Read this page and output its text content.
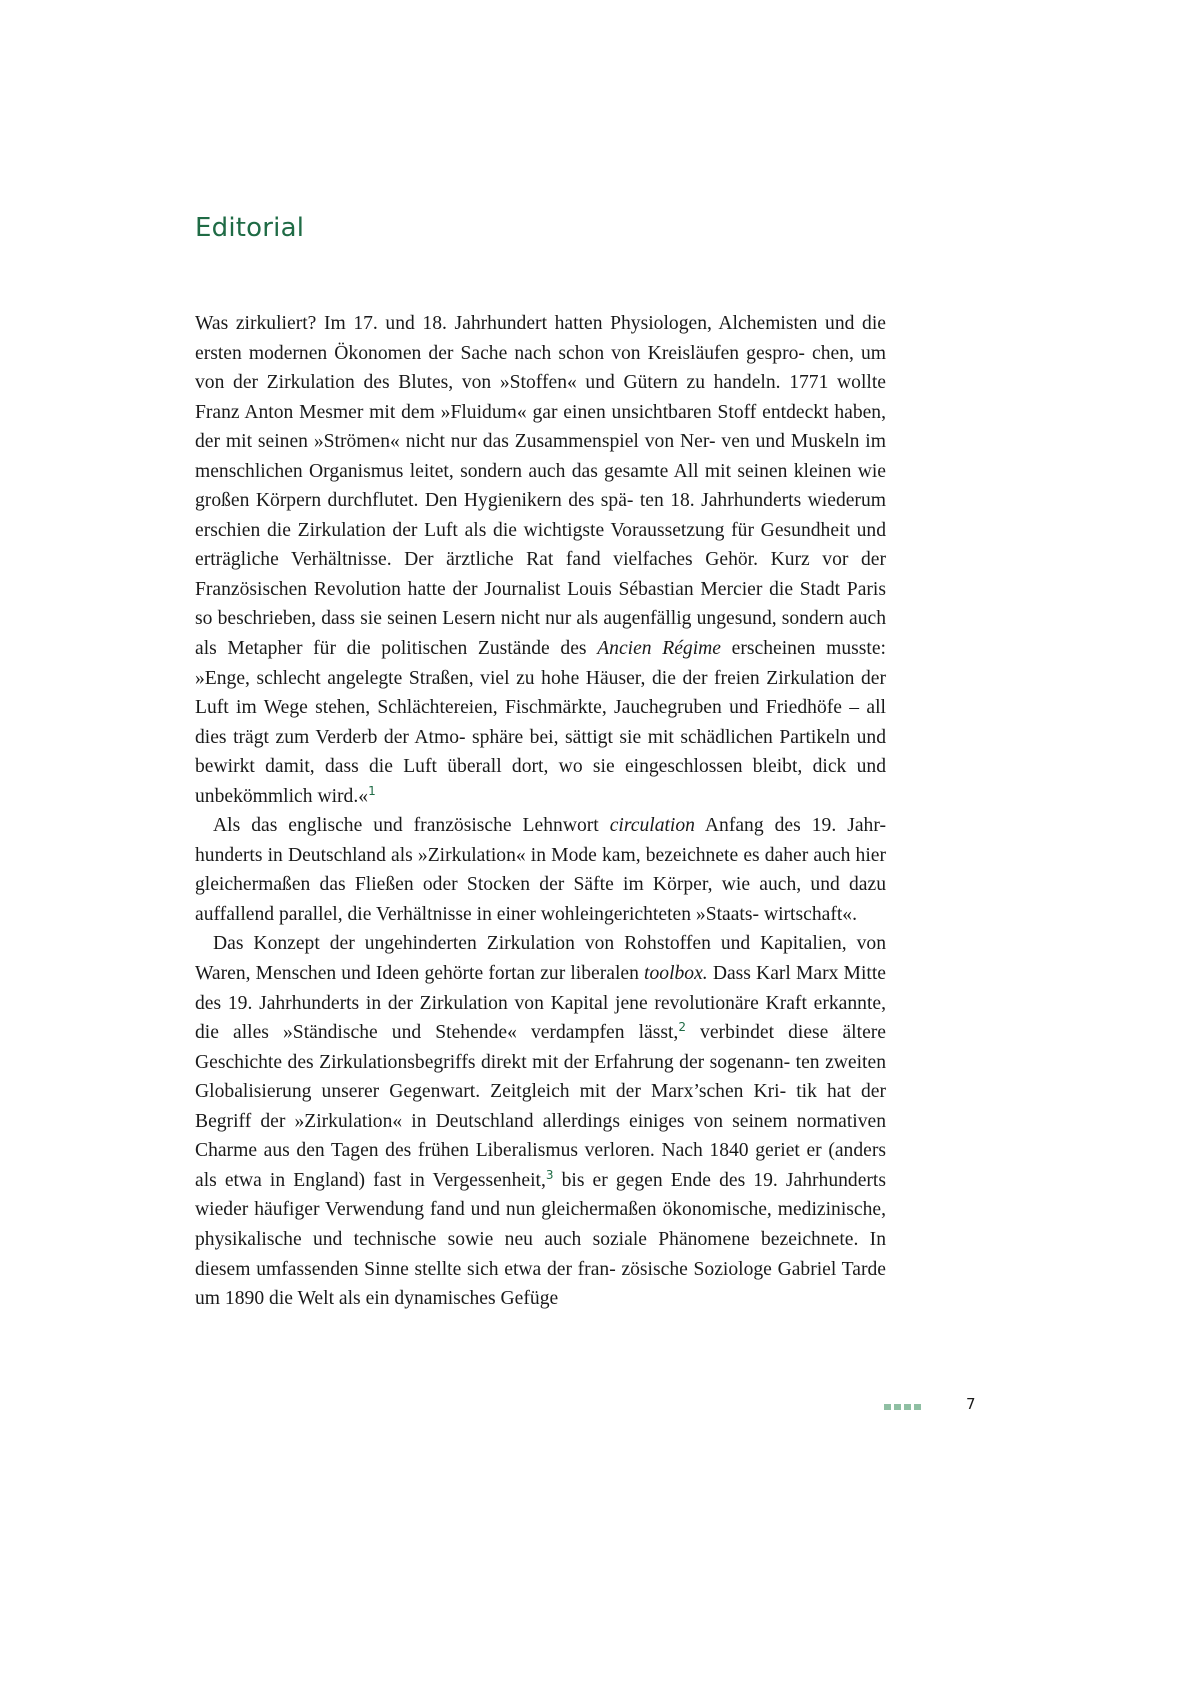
Editorial

Was zirkuliert? Im 17. und 18. Jahrhundert hatten Physiologen, Alchemisten und die ersten modernen Ökonomen der Sache nach schon von Kreisläufen gespro- chen, um von der Zirkulation des Blutes, von »Stoffen« und Gütern zu handeln. 1771 wollte Franz Anton Mesmer mit dem »Fluidum« gar einen unsichtbaren Stoff entdeckt haben, der mit seinen »Strömen« nicht nur das Zusammenspiel von Ner- ven und Muskeln im menschlichen Organismus leitet, sondern auch das gesamte All mit seinen kleinen wie großen Körpern durchflutet. Den Hygienikern des spä- ten 18. Jahrhunderts wiederum erschien die Zirkulation der Luft als die wichtigste Voraussetzung für Gesundheit und erträgliche Verhältnisse. Der ärztliche Rat fand vielfaches Gehör. Kurz vor der Französischen Revolution hatte der Journalist Louis Sébastian Mercier die Stadt Paris so beschrieben, dass sie seinen Lesern nicht nur als augenfällig ungesund, sondern auch als Metapher für die politischen Zustände des Ancien Régime erscheinen musste: »Enge, schlecht angelegte Straßen, viel zu hohe Häuser, die der freien Zirkulation der Luft im Wege stehen, Schlächtereien, Fischmärkte, Jauchegruben und Friedhöfe – all dies trägt zum Verderb der Atmo- sphäre bei, sättigt sie mit schädlichen Partikeln und bewirkt damit, dass die Luft überall dort, wo sie eingeschlossen bleibt, dick und unbekömmlich wird.«$^1$

Als das englische und französische Lehnwort circulation Anfang des 19. Jahr- hunderts in Deutschland als »Zirkulation« in Mode kam, bezeichnete es daher auch hier gleichermaßen das Fließen oder Stocken der Säfte im Körper, wie auch, und dazu auffallend parallel, die Verhältnisse in einer wohleingerichteten »Staats- wirtschaft«.

Das Konzept der ungehinderten Zirkulation von Rohstoffen und Kapitalien, von Waren, Menschen und Ideen gehörte fortan zur liberalen toolbox. Dass Karl Marx Mitte des 19. Jahrhunderts in der Zirkulation von Kapital jene revolutionäre Kraft erkannte, die alles »Ständische und Stehende« verdampfen lässt,$^2$ verbindet diese ältere Geschichte des Zirkulationsbegriffs direkt mit der Erfahrung der sogenann- ten zweiten Globalisierung unserer Gegenwart. Zeitgleich mit der Marx’schen Kri- tik hat der Begriff der »Zirkulation« in Deutschland allerdings einiges von seinem normativen Charme aus den Tagen des frühen Liberalismus verloren. Nach 1840 geriet er (anders als etwa in England) fast in Vergessenheit,$^3$ bis er gegen Ende des 19. Jahrhunderts wieder häufiger Verwendung fand und nun gleichermaßen ökonomische, medizinische, physikalische und technische sowie neu auch soziale Phänomene bezeichnete. In diesem umfassenden Sinne stellte sich etwa der fran- zösische Soziologe Gabriel Tarde um 1890 die Welt als ein dynamisches Gefüge

7
